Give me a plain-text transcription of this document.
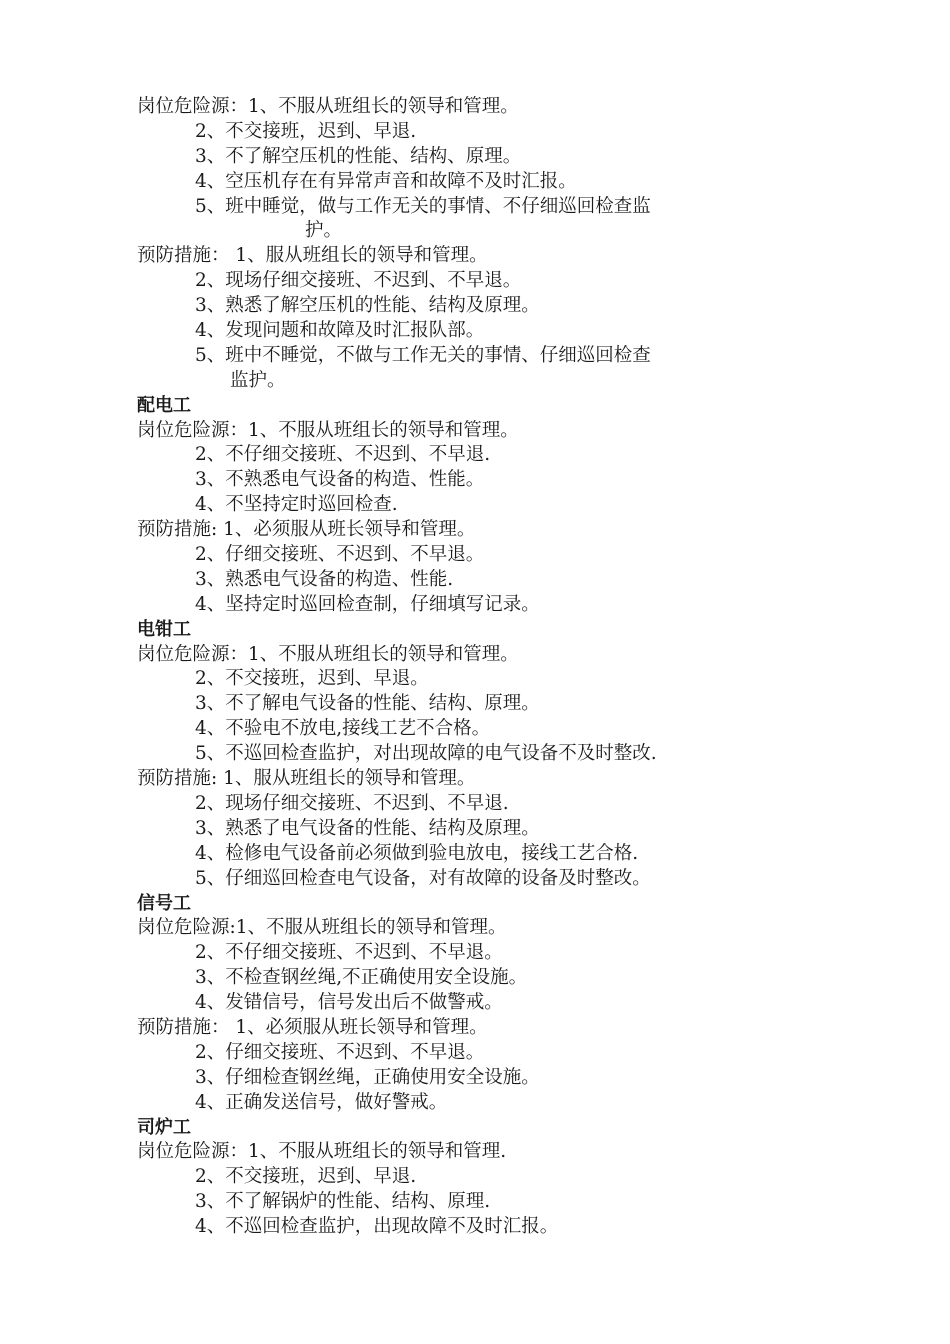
岗位危险源：1、不服从班组长的领导和管理。
2、不交接班，迟到、早退.
3、不了解空压机的性能、结构、原理。
4、空压机存在有异常声音和故障不及时汇报。
5、班中睡觉，做与工作无关的事情、不仔细巡回检查监
护。
预防措施： 1、服从班组长的领导和管理。
2、现场仔细交接班、不迟到、不早退。
3、熟悉了解空压机的性能、结构及原理。
4、发现问题和故障及时汇报队部。
5、班中不睡觉，不做与工作无关的事情、仔细巡回检查
监护。
配电工
岗位危险源：1、不服从班组长的领导和管理。
2、不仔细交接班、不迟到、不早退.
3、不熟悉电气设备的构造、性能。
4、不坚持定时巡回检查.
预防措施: 1、必须服从班长领导和管理。
2、仔细交接班、不迟到、不早退。
3、熟悉电气设备的构造、性能.
4、坚持定时巡回检查制，仔细填写记录。
电钳工
岗位危险源：1、不服从班组长的领导和管理。
2、不交接班，迟到、早退。
3、不了解电气设备的性能、结构、原理。
4、不验电不放电,接线工艺不合格。
5、不巡回检查监护，对出现故障的电气设备不及时整改.
预防措施: 1、服从班组长的领导和管理。
2、现场仔细交接班、不迟到、不早退.
3、熟悉了电气设备的性能、结构及原理。
4、检修电气设备前必须做到验电放电，接线工艺合格.
5、仔细巡回检查电气设备，对有故障的设备及时整改。
信号工
岗位危险源:1、不服从班组长的领导和管理。
2、不仔细交接班、不迟到、不早退。
3、不检查钢丝绳,不正确使用安全设施。
4、发错信号，信号发出后不做警戒。
预防措施： 1、必须服从班长领导和管理。
2、仔细交接班、不迟到、不早退。
3、仔细检查钢丝绳，正确使用安全设施。
4、正确发送信号，做好警戒。
司炉工
岗位危险源：1、不服从班组长的领导和管理.
2、不交接班，迟到、早退.
3、不了解锅炉的性能、结构、原理.
4、不巡回检查监护，出现故障不及时汇报。
